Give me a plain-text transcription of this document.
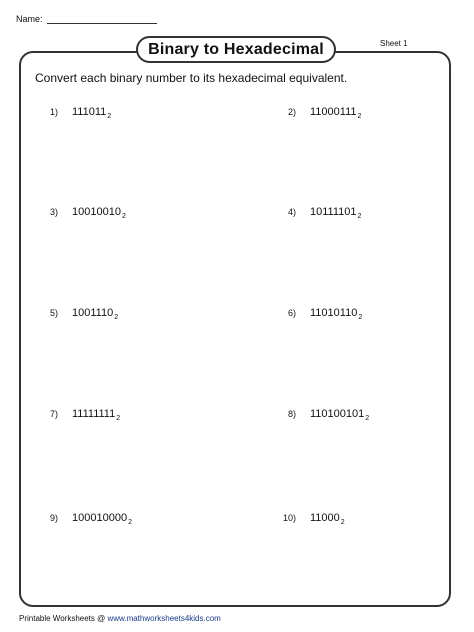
Name:
Sheet 1
Binary to Hexadecimal
Convert each binary number to its hexadecimal equivalent.
1)	$111011_2$	2)	$11000111_2$
3)	$10010010_2$	4)	$10111101_2$
5)	$1001110_2$	6)	$11010110_2$
7)	$11111111_2$	8)	$110100101_2$
9)	$100010000_2$	10)	$11000_2$
Printable Worksheets @ www.mathworksheets4kids.com
